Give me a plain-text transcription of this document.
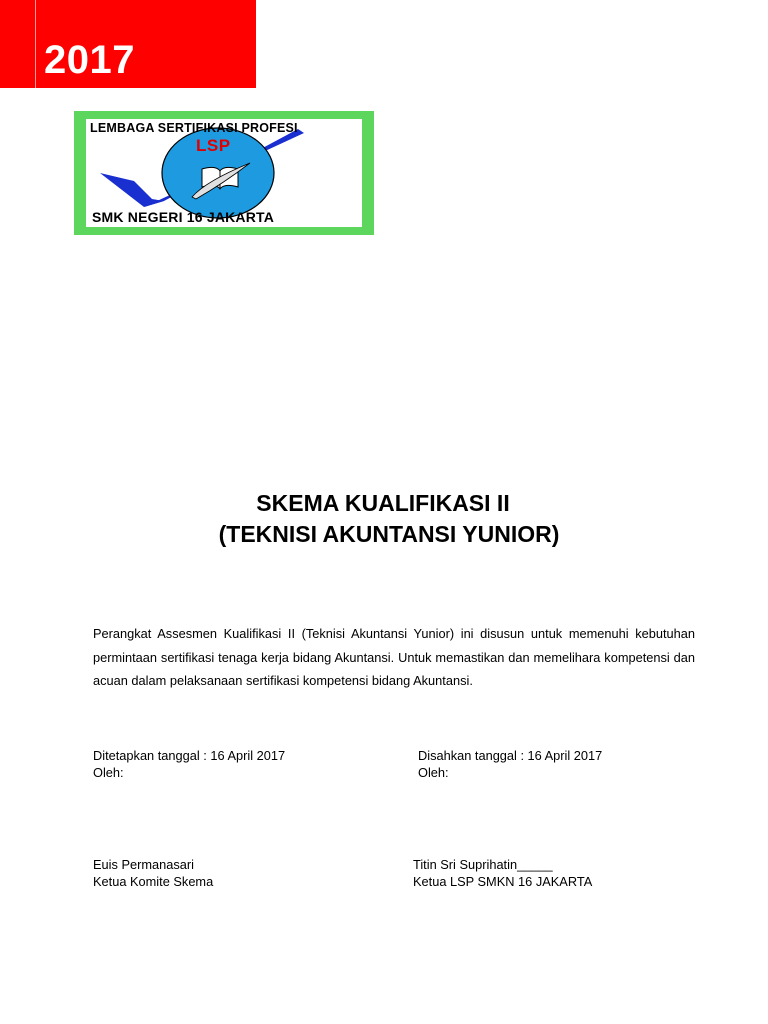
2017
LEMBAGA SERTIFIKASI PROFESI
LSP
SMK NEGERI 16 JAKARTA
SKEMA KUALIFIKASI II
(TEKNISI AKUNTANSI YUNIOR)
Perangkat Assesmen Kualifikasi II (Teknisi Akuntansi Yunior) ini disusun untuk memenuhi kebutuhan permintaan sertifikasi tenaga kerja bidang Akuntansi. Untuk memastikan dan memelihara kompetensi dan acuan dalam pelaksanaan sertifikasi kompetensi bidang Akuntansi.
Ditetapkan tanggal : 16 April 2017
Oleh:
Disahkan tanggal : 16 April 2017
Oleh:
Euis Permanasari
Ketua Komite Skema
Titin Sri Suprihatin_____
Ketua LSP SMKN 16 JAKARTA
